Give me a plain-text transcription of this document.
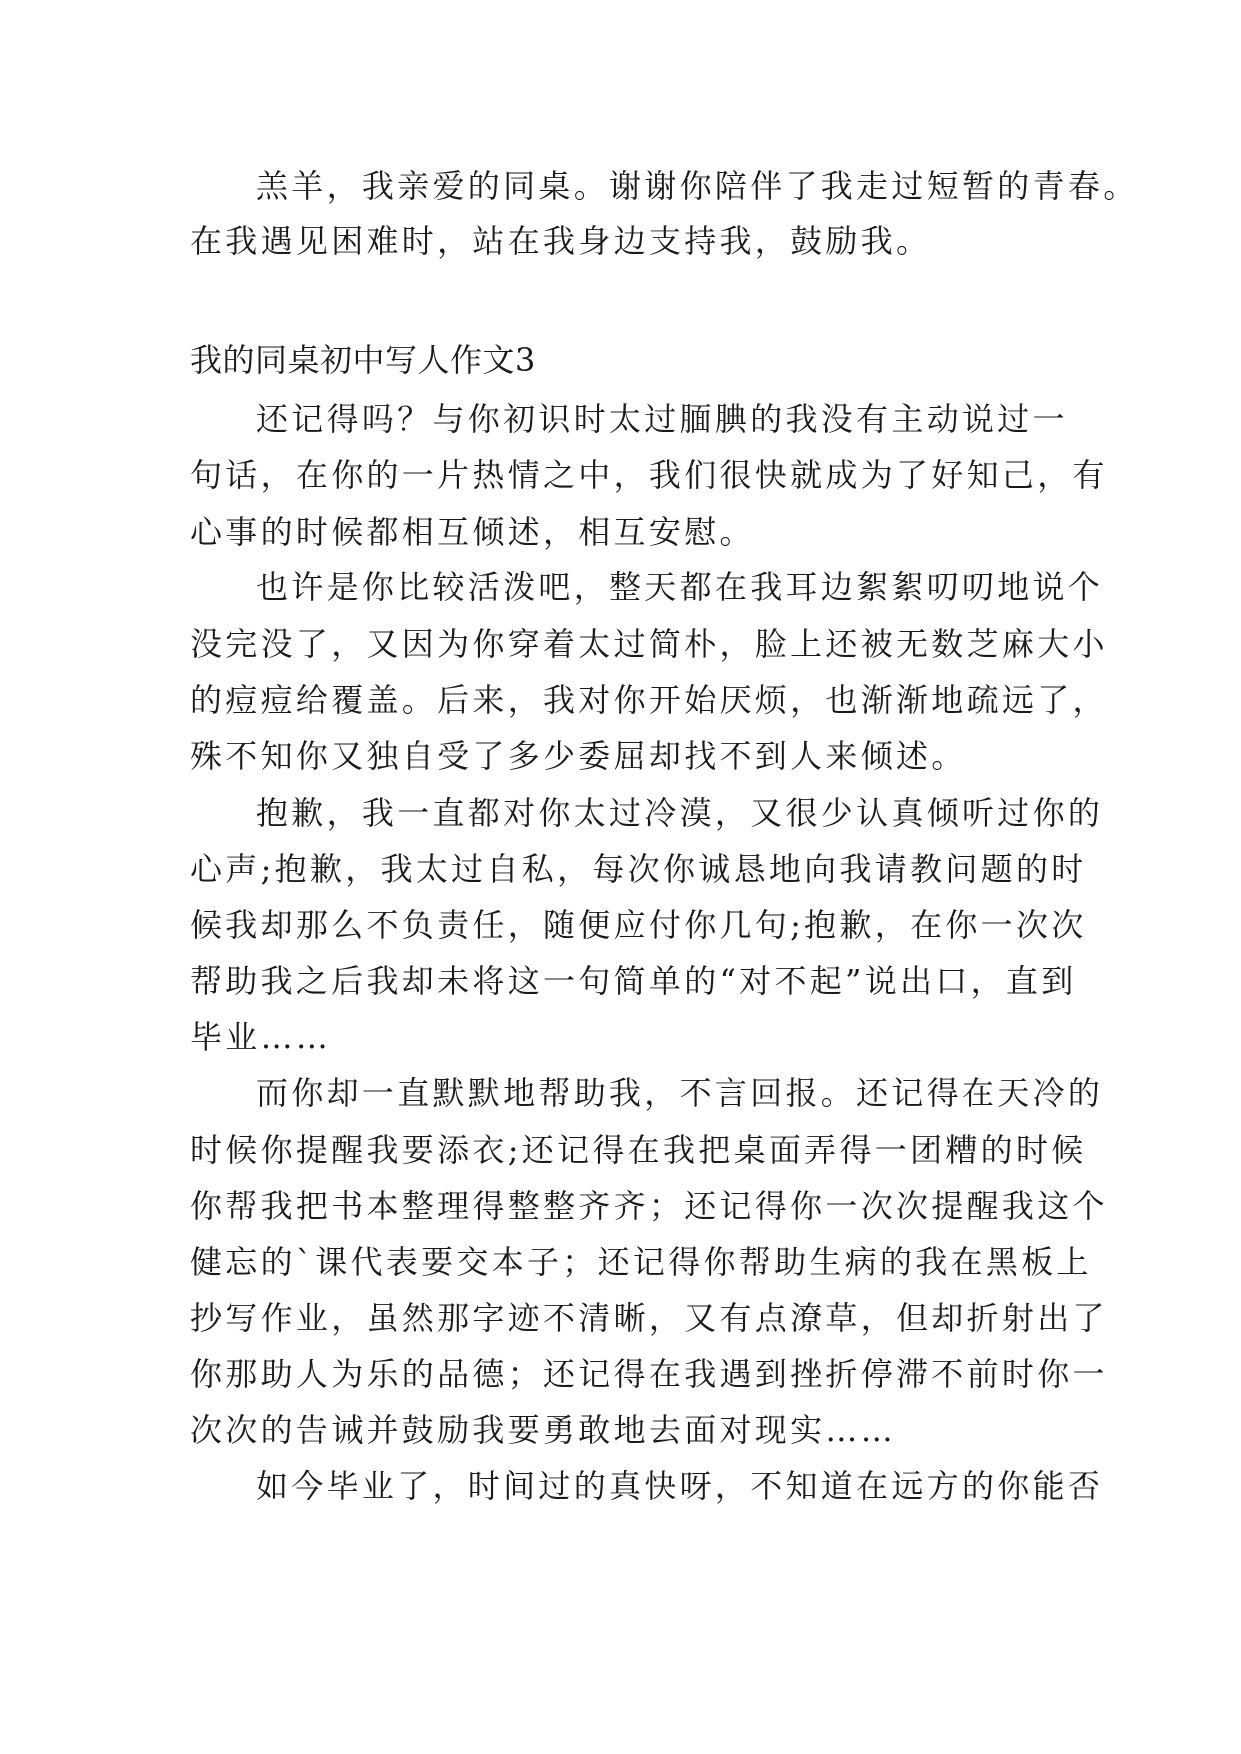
羔羊，我亲爱的同桌。谢谢你陪伴了我走过短暂的青春。
在我遇见困难时，站在我身边支持我，鼓励我。
我的同桌初中写人作文3
还记得吗？与你初识时太过腼腆的我没有主动说过一
句话，在你的一片热情之中，我们很快就成为了好知己，有
心事的时候都相互倾述，相互安慰。
也许是你比较活泼吧，整天都在我耳边絮絮叨叨地说个
没完没了，又因为你穿着太过简朴，脸上还被无数芝麻大小
的痘痘给覆盖。后来，我对你开始厌烦，也渐渐地疏远了，
殊不知你又独自受了多少委屈却找不到人来倾述。
抱歉，我一直都对你太过冷漠，又很少认真倾听过你的
心声;抱歉，我太过自私，每次你诚恳地向我请教问题的时
候我却那么不负责任，随便应付你几句;抱歉，在你一次次
帮助我之后我却未将这一句简单的“对不起”说出口，直到
毕业……
而你却一直默默地帮助我，不言回报。还记得在天冷的
时候你提醒我要添衣;还记得在我把桌面弄得一团糟的时候
你帮我把书本整理得整整齐齐；还记得你一次次提醒我这个
健忘的`课代表要交本子；还记得你帮助生病的我在黑板上
抄写作业，虽然那字迹不清晰，又有点潦草，但却折射出了
你那助人为乐的品德；还记得在我遇到挫折停滞不前时你一
次次的告诫并鼓励我要勇敢地去面对现实……
如今毕业了，时间过的真快呀，不知道在远方的你能否
